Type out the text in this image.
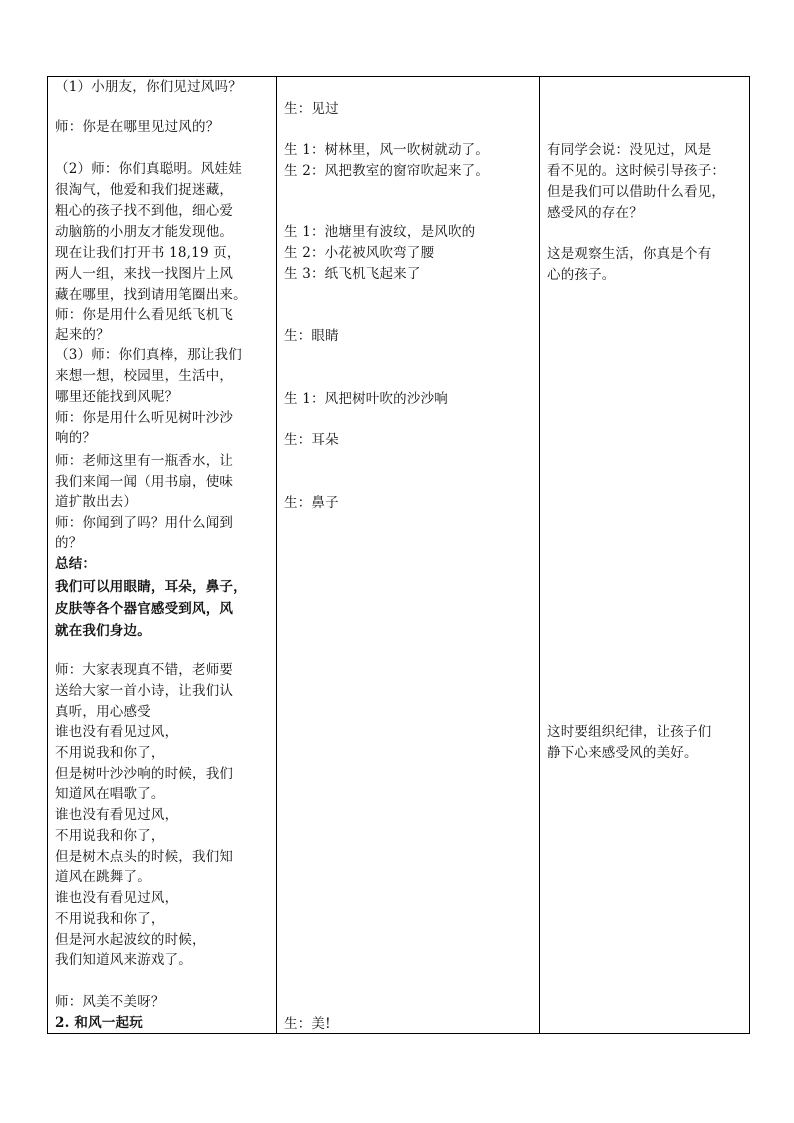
（1）小朋友，你们见过风吗？
师：你是在哪里见过风的？
（2）师：你们真聪明。风娃娃
很淘气，他爱和我们捉迷藏，
粗心的孩子找不到他，细心爱
动脑筋的小朋友才能发现他。
现在让我们打开书 18,19 页，
两人一组，来找一找图片上风
藏在哪里，找到请用笔圈出来。
师：你是用什么看见纸飞机飞
起来的？
（3）师：你们真棒，那让我们
来想一想，校园里，生活中，
哪里还能找到风呢？
师：你是用什么听见树叶沙沙
响的？
师：老师这里有一瓶香水，让
我们来闻一闻（用书扇，使味
道扩散出去）
师：你闻到了吗？用什么闻到
的？
总结：
我们可以用眼睛，耳朵，鼻子，
皮肤等各个器官感受到风，风
就在我们身边。
师：大家表现真不错，老师要
送给大家一首小诗，让我们认
真听，用心感受
谁也没有看见过风，
不用说我和你了，
但是树叶沙沙响的时候，我们
知道风在唱歌了。
谁也没有看见过风，
不用说我和你了，
但是树木点头的时候，我们知
道风在跳舞了。
谁也没有看见过风，
不用说我和你了，
但是河水起波纹的时候，
我们知道风来游戏了。
师：风美不美呀？
2. 和风一起玩
生：见过
生 1：树林里，风一吹树就动了。
生 2：风把教室的窗帘吹起来了。
生 1：池塘里有波纹，是风吹的
生 2：小花被风吹弯了腰
生 3：纸飞机飞起来了
生：眼睛
生 1：风把树叶吹的沙沙响
生：耳朵
生：鼻子
生：美!
有同学会说：没见过，风是
看不见的。这时候引导孩子：
但是我们可以借助什么看见，
感受风的存在？
这是观察生活，你真是个有
心的孩子。
这时要组织纪律，让孩子们
静下心来感受风的美好。
